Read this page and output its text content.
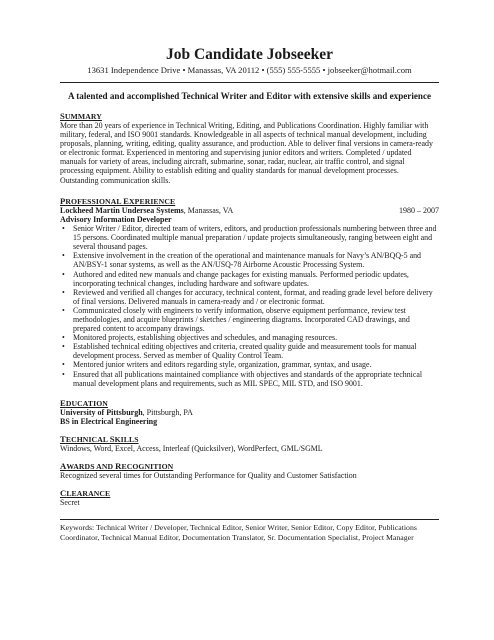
Job Candidate Jobseeker
13631 Independence Drive • Manassas, VA 20112 • (555) 555-5555 • jobseeker@hotmail.com
A talented and accomplished Technical Writer and Editor with extensive skills and experience
SUMMARY
More than 20 years of experience in Technical Writing, Editing, and Publications Coordination. Highly familiar with military, federal, and ISO 9001 standards. Knowledgeable in all aspects of technical manual development, including proposals, planning, writing, editing, quality assurance, and production. Able to deliver final versions in camera-ready or electronic format. Experienced in mentoring and supervising junior editors and writers. Completed / updated manuals for variety of areas, including aircraft, submarine, sonar, radar, nuclear, air traffic control, and signal processing equipment. Ability to establish editing and quality standards for manual development processes. Outstanding communication skills.
PROFESSIONAL EXPERIENCE
Lockheed Martin Undersea Systems, Manassas, VA	1980 – 2007
Advisory Information Developer
• Senior Writer / Editor, directed team of writers, editors, and production professionals numbering between three and 15 persons. Coordinated multiple manual preparation / update projects simultaneously, ranging between eight and several thousand pages.
• Extensive involvement in the creation of the operational and maintenance manuals for Navy’s AN/BQQ-5 and AN/BSY-1 sonar systems, as well as the AN/USQ-78 Airborne Acoustic Processing System.
• Authored and edited new manuals and change packages for existing manuals. Performed periodic updates, incorporating technical changes, including hardware and software updates.
• Reviewed and verified all changes for accuracy, technical content, format, and reading grade level before delivery of final versions. Delivered manuals in camera-ready and / or electronic format.
• Communicated closely with engineers to verify information, observe equipment performance, review test methodologies, and acquire blueprints / sketches / engineering diagrams. Incorporated CAD drawings, and prepared content to accompany drawings.
• Monitored projects, establishing objectives and schedules, and managing resources.
• Established technical editing objectives and criteria, created quality guide and measurement tools for manual development process. Served as member of Quality Control Team.
• Mentored junior writers and editors regarding style, organization, grammar, syntax, and usage.
• Ensured that all publications maintained compliance with objectives and standards of the appropriate technical manual development plans and requirements, such as MIL SPEC, MIL STD, and ISO 9001.
EDUCATION
University of Pittsburgh, Pittsburgh, PA
BS in Electrical Engineering
TECHNICAL SKILLS
Windows, Word, Excel, Access, Interleaf (Quicksilver), WordPerfect, GML/SGML
AWARDS AND RECOGNITION
Recognized several times for Outstanding Performance for Quality and Customer Satisfaction
CLEARANCE
Secret
Keywords: Technical Writer / Developer, Technical Editor, Senior Writer, Senior Editor, Copy Editor, Publications Coordinator, Technical Manual Editor, Documentation Translator, Sr. Documentation Specialist, Project Manager
